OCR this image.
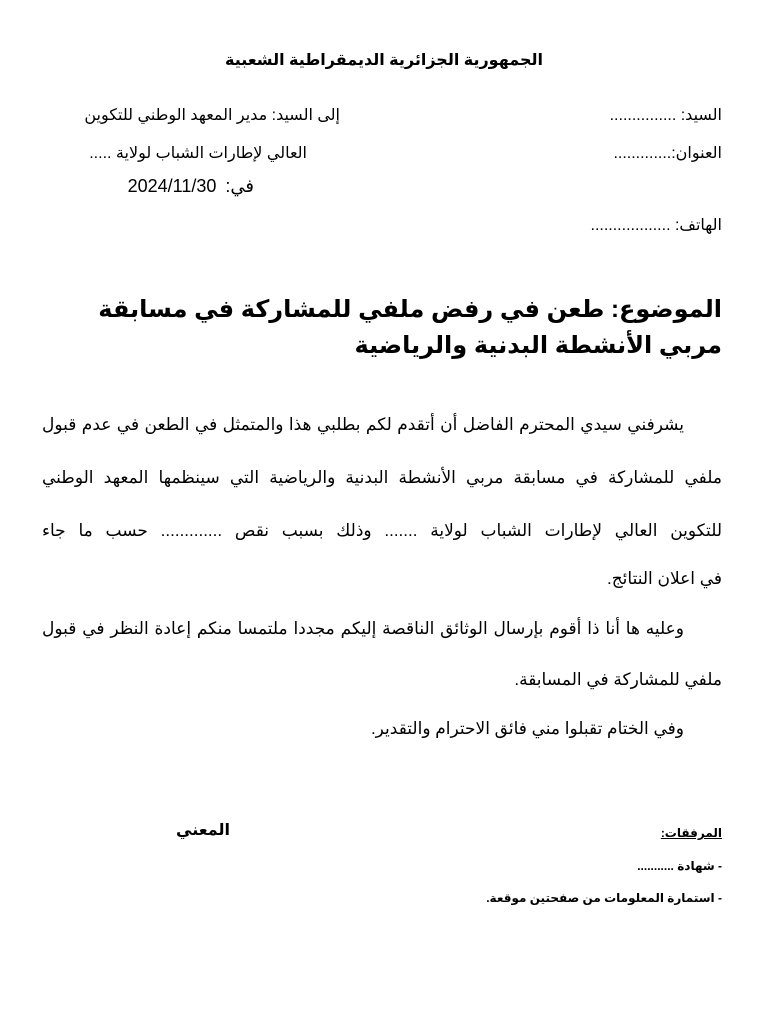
الجمهورية الجزائرية الديمقراطية الشعبية
إلى السيد: مدير المعهد الوطني للتكوين
العالي لإطارات الشباب لولاية .....
في: 2024/11/30
السيد: ...............
العنوان:.............
الهاتف: ..................
الموضوع: طعن في رفض ملفي للمشاركة في مسابقة مربي الأنشطة البدنية والرياضية
يشرفني سيدي المحترم الفاضل أن أتقدم لكم بطلبي هذا والمتمثل في الطعن في عدم قبول
ملفي للمشاركة في مسابقة مربي الأنشطة البدنية والرياضية التي سينظمها المعهد الوطني
للتكوين العالي لإطارات الشباب لولاية ....... وذلك بسبب نقص ............. حسب ما جاء
في اعلان النتائج.
وعليه ها أنا ذا أقوم بإرسال الوثائق الناقصة إليكم مجددا ملتمسا منكم إعادة النظر في قبول
ملفي للمشاركة في المسابقة.
وفي الختام تقبلوا مني فائق الاحترام والتقدير.
المعني	المرفقات:
- شهادة ...........
- استمارة المعلومات من صفحتين موقعة.
